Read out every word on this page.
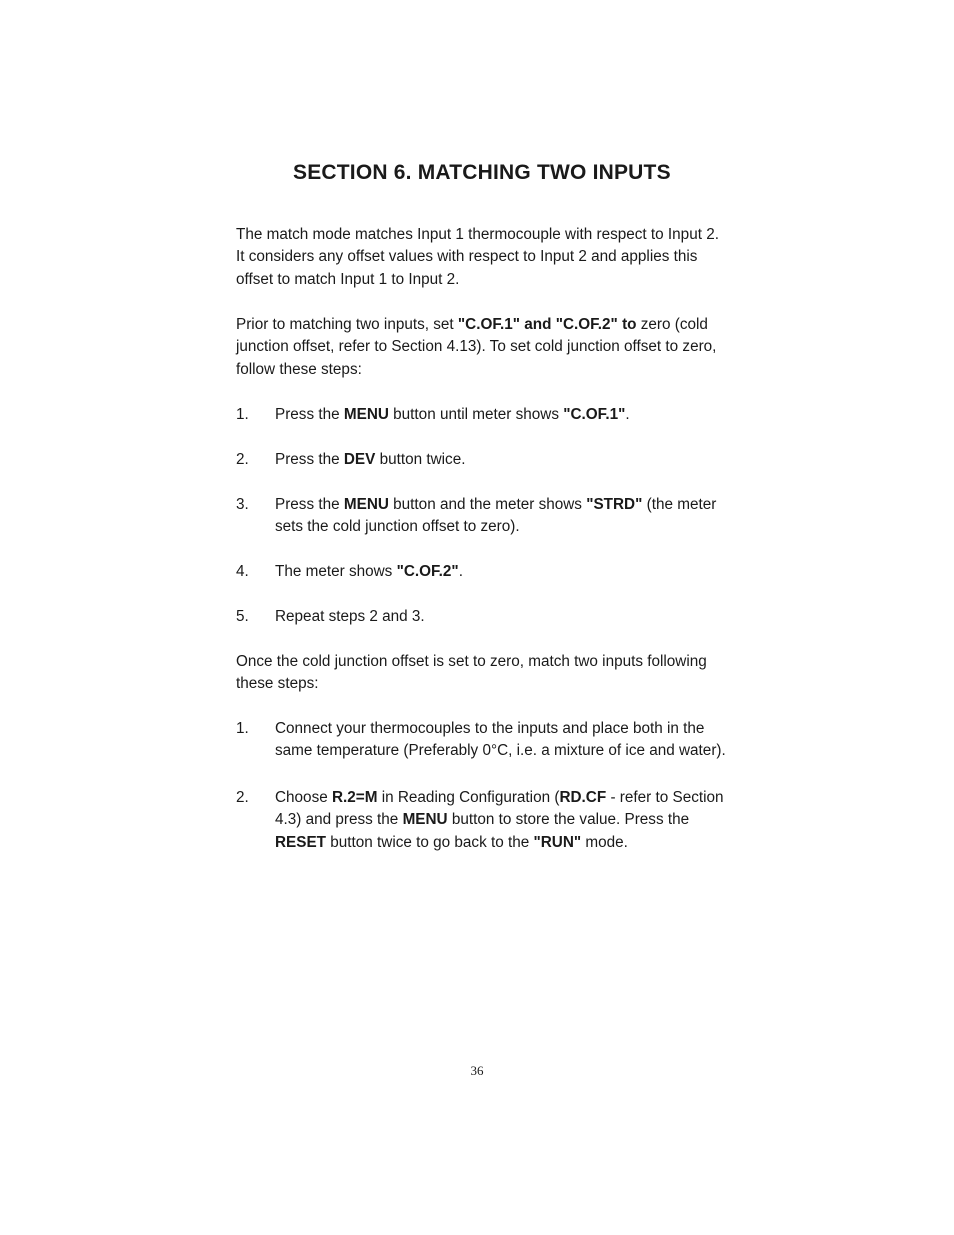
SECTION 6. MATCHING TWO INPUTS

The match mode matches Input 1 thermocouple with respect to Input 2.
It considers any offset values with respect to Input 2 and applies this
offset to match Input 1 to Input 2.

Prior to matching two inputs, set "C.OF.1" and "C.OF.2" to zero (cold
junction offset, refer to Section 4.13). To set cold junction offset to zero,
follow these steps:

1.	Press the MENU button until meter shows "C.OF.1".
2.	Press the DEV button twice.
3.	Press the MENU button and the meter shows "STRD" (the meter
sets the cold junction offset to zero).
4.	The meter shows "C.OF.2".
5.	Repeat steps 2 and 3.

Once the cold junction offset is set to zero, match two inputs following
these steps:

1.	Connect your thermocouples to the inputs and place both in the
same temperature (Preferably 0°C, i.e. a mixture of ice and water).
2.	Choose R.2=M in Reading Configuration (RD.CF - refer to Section
4.3) and press the MENU button to store the value. Press the
RESET button twice to go back to the "RUN" mode.
36
